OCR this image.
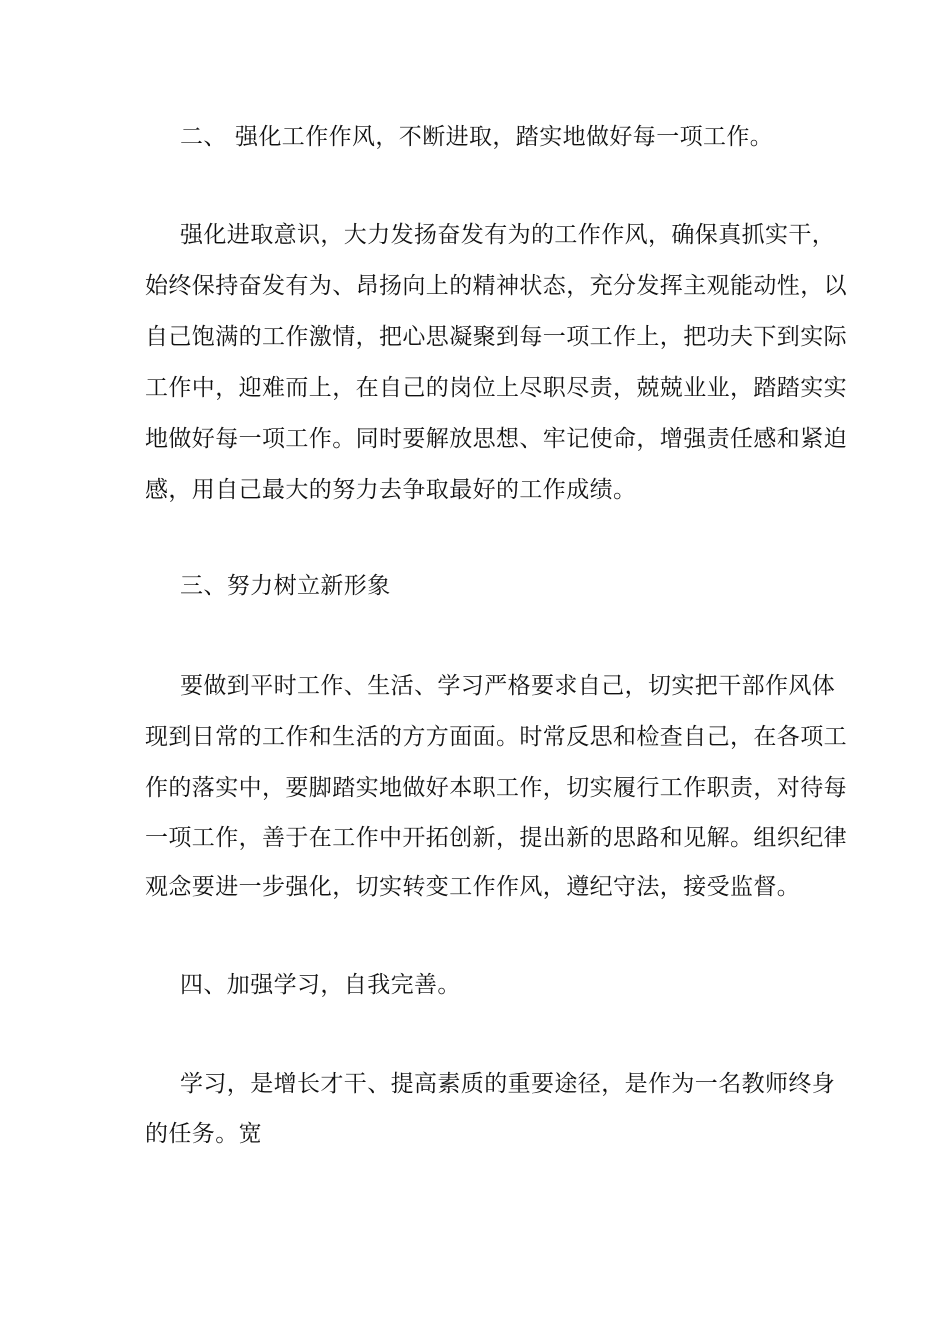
二、 强化工作作风，不断进取，踏实地做好每一项工作。
强化进取意识，大力发扬奋发有为的工作作风，确保真抓实干，
始终保持奋发有为、昂扬向上的精神状态，充分发挥主观能动性，以
自己饱满的工作激情，把心思凝聚到每一项工作上，把功夫下到实际
工作中，迎难而上，在自己的岗位上尽职尽责，兢兢业业，踏踏实实
地做好每一项工作。同时要解放思想、牢记使命，增强责任感和紧迫
感，用自己最大的努力去争取最好的工作成绩。
三、努力树立新形象
要做到平时工作、生活、学习严格要求自己，切实把干部作风体
现到日常的工作和生活的方方面面。时常反思和检查自己，在各项工
作的落实中，要脚踏实地做好本职工作，切实履行工作职责，对待每
一项工作，善于在工作中开拓创新，提出新的思路和见解。组织纪律
观念要进一步强化，切实转变工作作风，遵纪守法，接受监督。
四、加强学习，自我完善。
学习，是增长才干、提高素质的重要途径，是作为一名教师终身
的任务。宽
